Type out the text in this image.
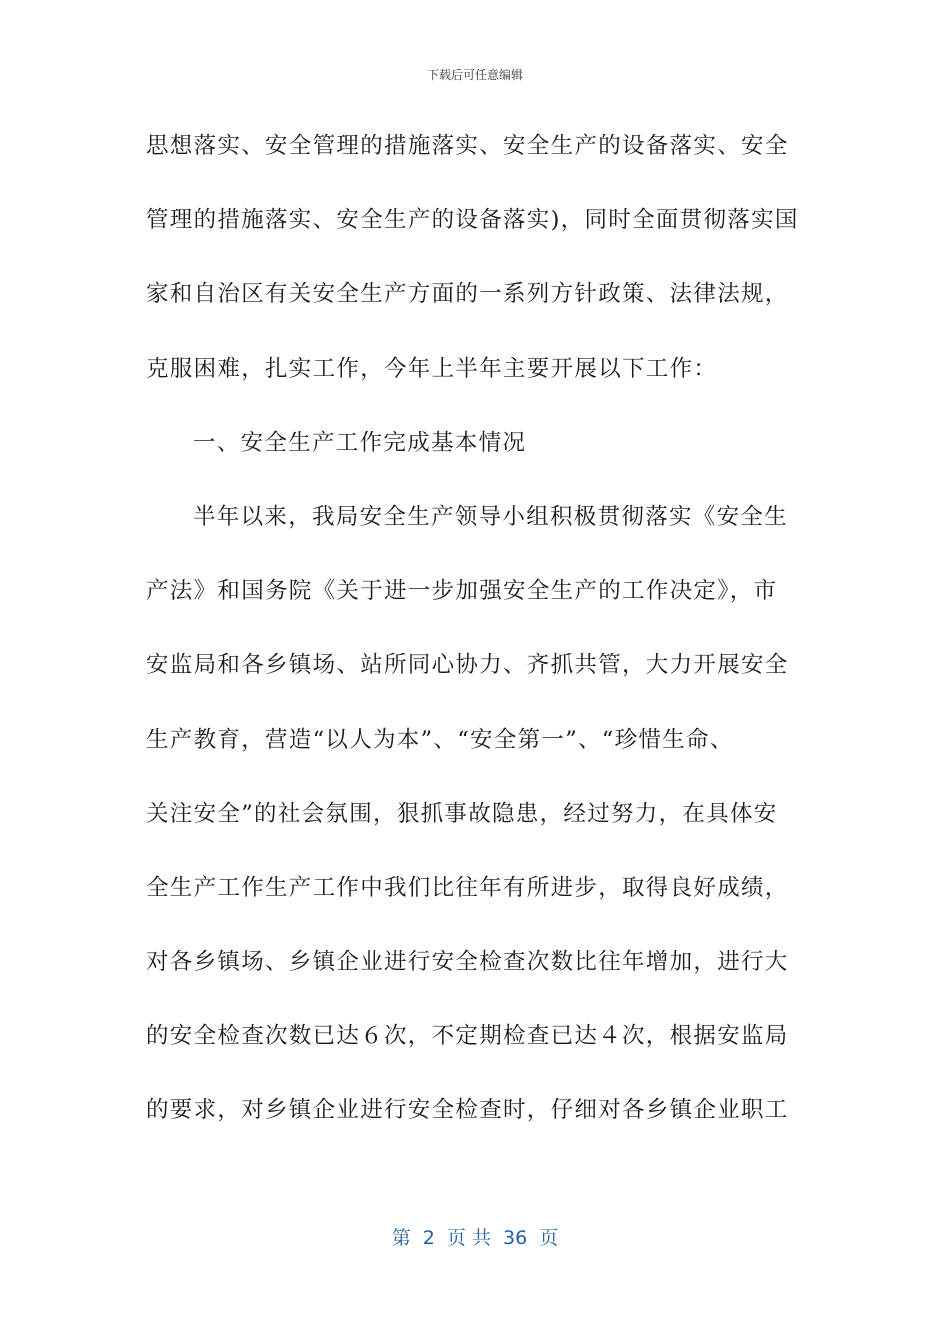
下载后可任意编辑
思想落实、安全管理的措施落实、安全生产的设备落实、安全
管理的措施落实、安全生产的设备落实)，同时全面贯彻落实国
家和自治区有关安全生产方面的一系列方针政策、法律法规，
克服困难，扎实工作，今年上半年主要开展以下工作：
一、安全生产工作完成基本情况
半年以来，我局安全生产领导小组积极贯彻落实《安全生
产法》和国务院《关于进一步加强安全生产的工作决定》，市
安监局和各乡镇场、站所同心协力、齐抓共管，大力开展安全
生产教育，营造“以人为本”、“安全第一”、“珍惜生命、
关注安全”的社会氛围，狠抓事故隐患，经过努力，在具体安
全生产工作生产工作中我们比往年有所进步，取得良好成绩，
对各乡镇场、乡镇企业进行安全检查次数比往年增加，进行大
的安全检查次数已达６次，不定期检查已达４次，根据安监局
的要求，对乡镇企业进行安全检查时，仔细对各乡镇企业职工
第  2  页 共  36  页
